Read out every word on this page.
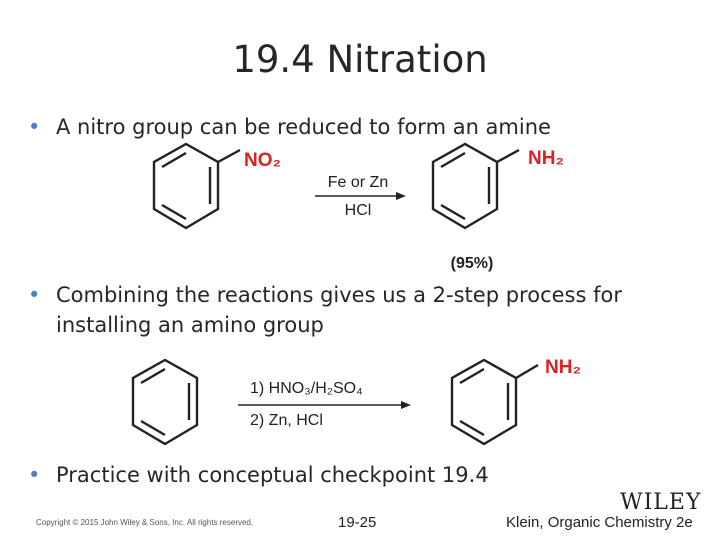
19.4 Nitration
• A nitro group can be reduced to form an amine
NO₂
Fe or Zn
HCl
NH₂
(95%)
• Combining the reactions gives us a 2-step process for installing an amino group
1) HNO₃/H₂SO₄
2) Zn, HCl
NH₂
• Practice with conceptual checkpoint 19.4
Copyright © 2015 John Wiley & Sons, Inc. All rights reserved.	19-25
WILEY
Klein, Organic Chemistry 2e
